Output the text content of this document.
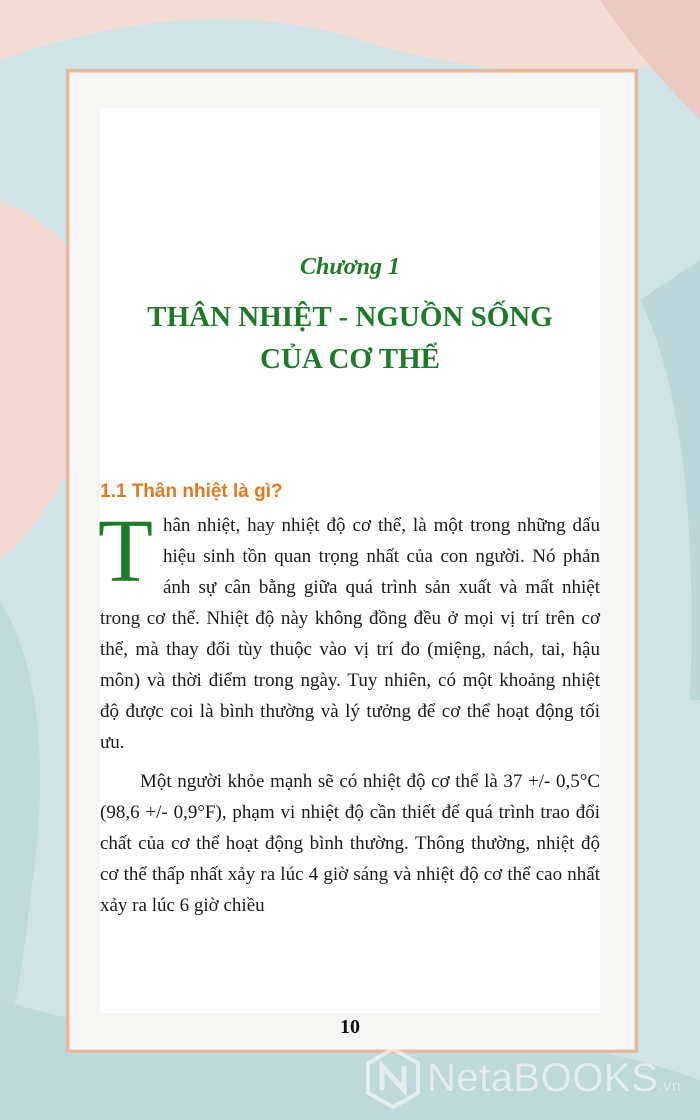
Chương 1
THÂN NHIỆT - NGUỒN SỐNG
CỦA CƠ THỂ
1.1 Thân nhiệt là gì?

Thân nhiệt, hay nhiệt độ cơ thể, là một trong những dấu hiệu sinh tồn quan trọng nhất của con người. Nó phản ánh sự cân bằng giữa quá trình sản xuất và mất nhiệt trong cơ thể. Nhiệt độ này không đồng đều ở mọi vị trí trên cơ thể, mà thay đổi tùy thuộc vào vị trí đo (miệng, nách, tai, hậu môn) và thời điểm trong ngày. Tuy nhiên, có một khoảng nhiệt độ được coi là bình thường và lý tưởng để cơ thể hoạt động tối ưu.

Một người khỏe mạnh sẽ có nhiệt độ cơ thể là 37 +/- 0,5°C (98,6 +/- 0,9°F), phạm vi nhiệt độ cần thiết để quá trình trao đổi chất của cơ thể hoạt động bình thường. Thông thường, nhiệt độ cơ thể thấp nhất xảy ra lúc 4 giờ sáng và nhiệt độ cơ thể cao nhất xảy ra lúc 6 giờ chiều

10
NetaBOOKS.vn
